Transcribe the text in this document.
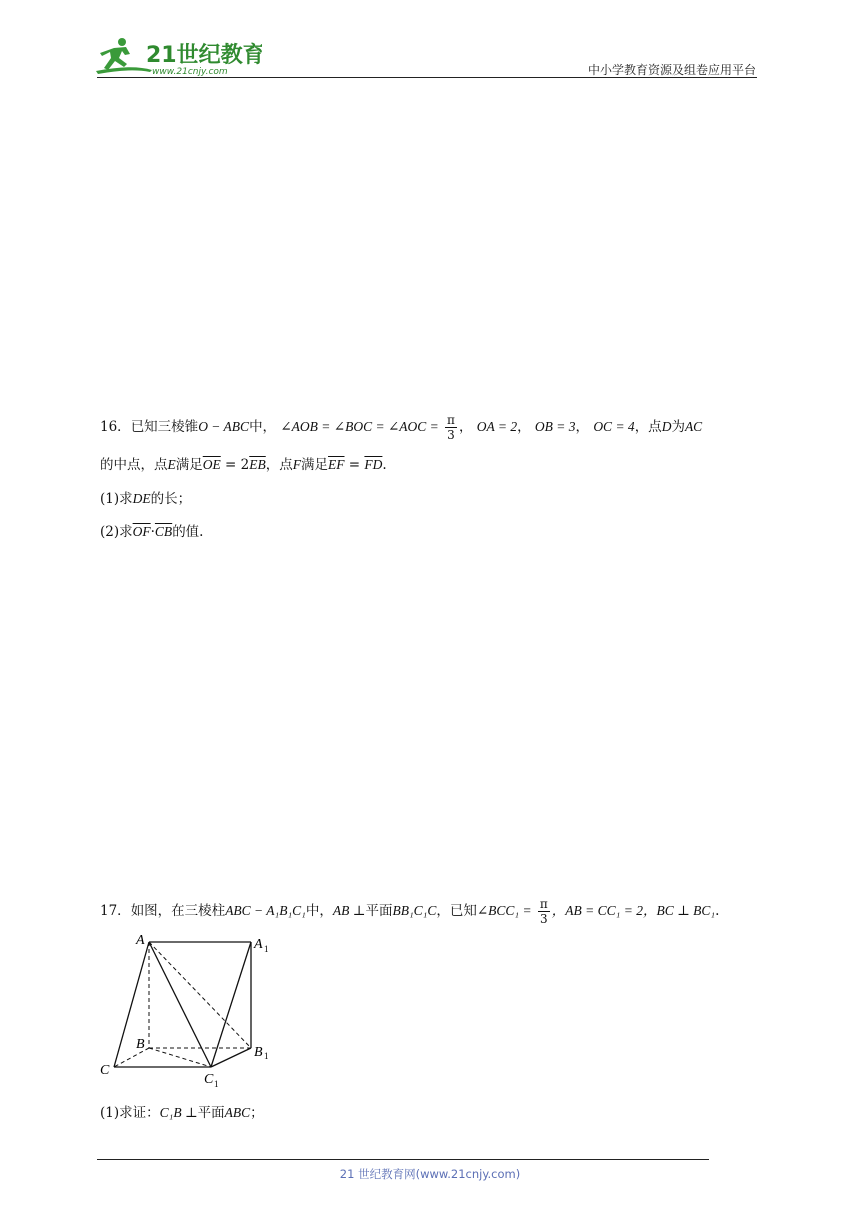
21世纪教育
www.21cnjy.com	中小学教育资源及组卷应用平台
16．已知三棱锥O − ABC中， ∠AOB = ∠BOC = ∠AOC = $\frac{\pi}{3}$ ， OA = 2， OB = 3， OC = 4，点D为AC
的中点，点E满足$\overline{OE} = 2\overline{EB}$，点F满足$\overline{EF} = \overline{FD}$.
(1)求DE的长；
(2)求$\overline{OF}\cdot\overline{CB}$的值.
17．如图，在三棱柱ABC − A₁B₁C₁中，AB ⊥平面BB₁C₁C，已知∠BCC₁ = $\frac{\pi}{3}$ ，AB = CC₁ = 2，BC ⊥ BC₁.
A	A 1
B
B 1
C
C 1
(1)求证：C₁B ⊥平面ABC；
21 世纪教育网(www.21cnjy.com)
